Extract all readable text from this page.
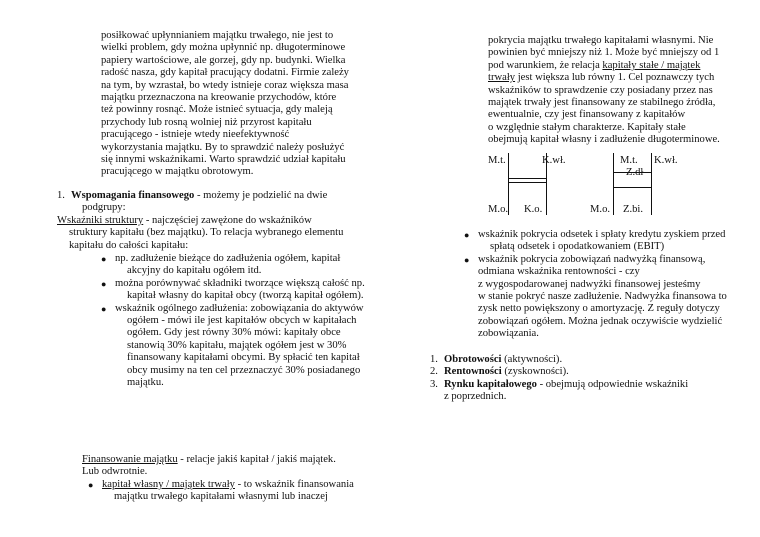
posiłkować upłynnianiem majątku trwałego, nie jest to
wielki problem, gdy można upłynnić np. długoterminowe
papiery wartościowe, ale gorzej, gdy np. budynki. Wielka
radość nasza, gdy kapitał pracujący dodatni. Firmie zależy
na tym, by wzrastał, bo wtedy istnieje coraz większa masa
majątku przeznaczona na kreowanie przychodów, które
też powinny rosnąć. Może istnieć sytuacja, gdy maleją
przychody lub rosną wolniej niż przyrost kapitału
pracującego - istnieje wtedy nieefektywność
wykorzystania majątku. By to sprawdzić należy posłużyć
się innymi wskaźnikami. Warto sprawdzić udział kapitału
pracującego w majątku obrotowym.
1. Wspomagania finansowego - możemy je podzielić na dwie
podgrupy:
Wskaźniki struktury - najczęściej zawężone do wskaźników
struktury kapitału (bez majątku). To relacja wybranego elementu
kapitału do całości kapitału:
● np. zadłużenie bieżące do zadłużenia ogółem, kapitał
akcyjny do kapitału ogółem itd.
● można porównywać składniki tworzące większą całość np.
kapitał własny do kapitał obcy (tworzą kapitał ogółem).
● wskaźnik ogólnego zadłużenia: zobowiązania do aktywów
ogółem - mówi ile jest kapitałów obcych w kapitałach
ogółem. Gdy jest równy 30% mówi: kapitały obce
stanowią 30% kapitału, majątek ogółem jest w 30%
finansowany kapitałami obcymi. By spłacić ten kapitał
obcy musimy na ten cel przeznaczyć 30% posiadanego
majątku.
Finansowanie majątku - relacje jakiś kapitał / jakiś majątek.
Lub odwrotnie.
● kapitał własny / majątek trwały - to wskaźnik finansowania
majątku trwałego kapitałami własnymi lub inaczej
pokrycia majątku trwałego kapitałami własnymi. Nie
powinien być mniejszy niż 1. Może być mniejszy od 1
pod warunkiem, że relacja kapitały stałe / majątek
trwały jest większa lub równy 1. Cel poznawczy tych
wskaźników to sprawdzenie czy posiadany przez nas
majątek trwały jest finansowany ze stabilnego źródła,
ewentualnie, czy jest finansowany z kapitałów
o względnie stałym charakterze. Kapitały stałe
obejmują kapitał własny i zadłużenie długoterminowe.
M.t.	K.wł.
M.o. K.o.
M.t. K.wł.
Z.dł
M.o. Z.bi.
● wskaźnik pokrycia odsetek i spłaty kredytu zyskiem przed
spłatą odsetek i opodatkowaniem (EBIT)
● wskaźnik pokrycia zobowiązań nadwyżką finansową,
odmiana wskaźnika rentowności - czy
z wygospodarowanej nadwyżki finansowej jesteśmy
w stanie pokryć nasze zadłużenie. Nadwyżka finansowa to
zysk netto powiększony o amortyzację. Z reguły dotyczy
zobowiązań ogółem. Można jednak oczywiście wydzielić
zobowiązania.
1. Obrotowości (aktywności).
2. Rentowności (zyskowności).
3. Rynku kapitałowego - obejmują odpowiednie wskaźniki
z poprzednich.
